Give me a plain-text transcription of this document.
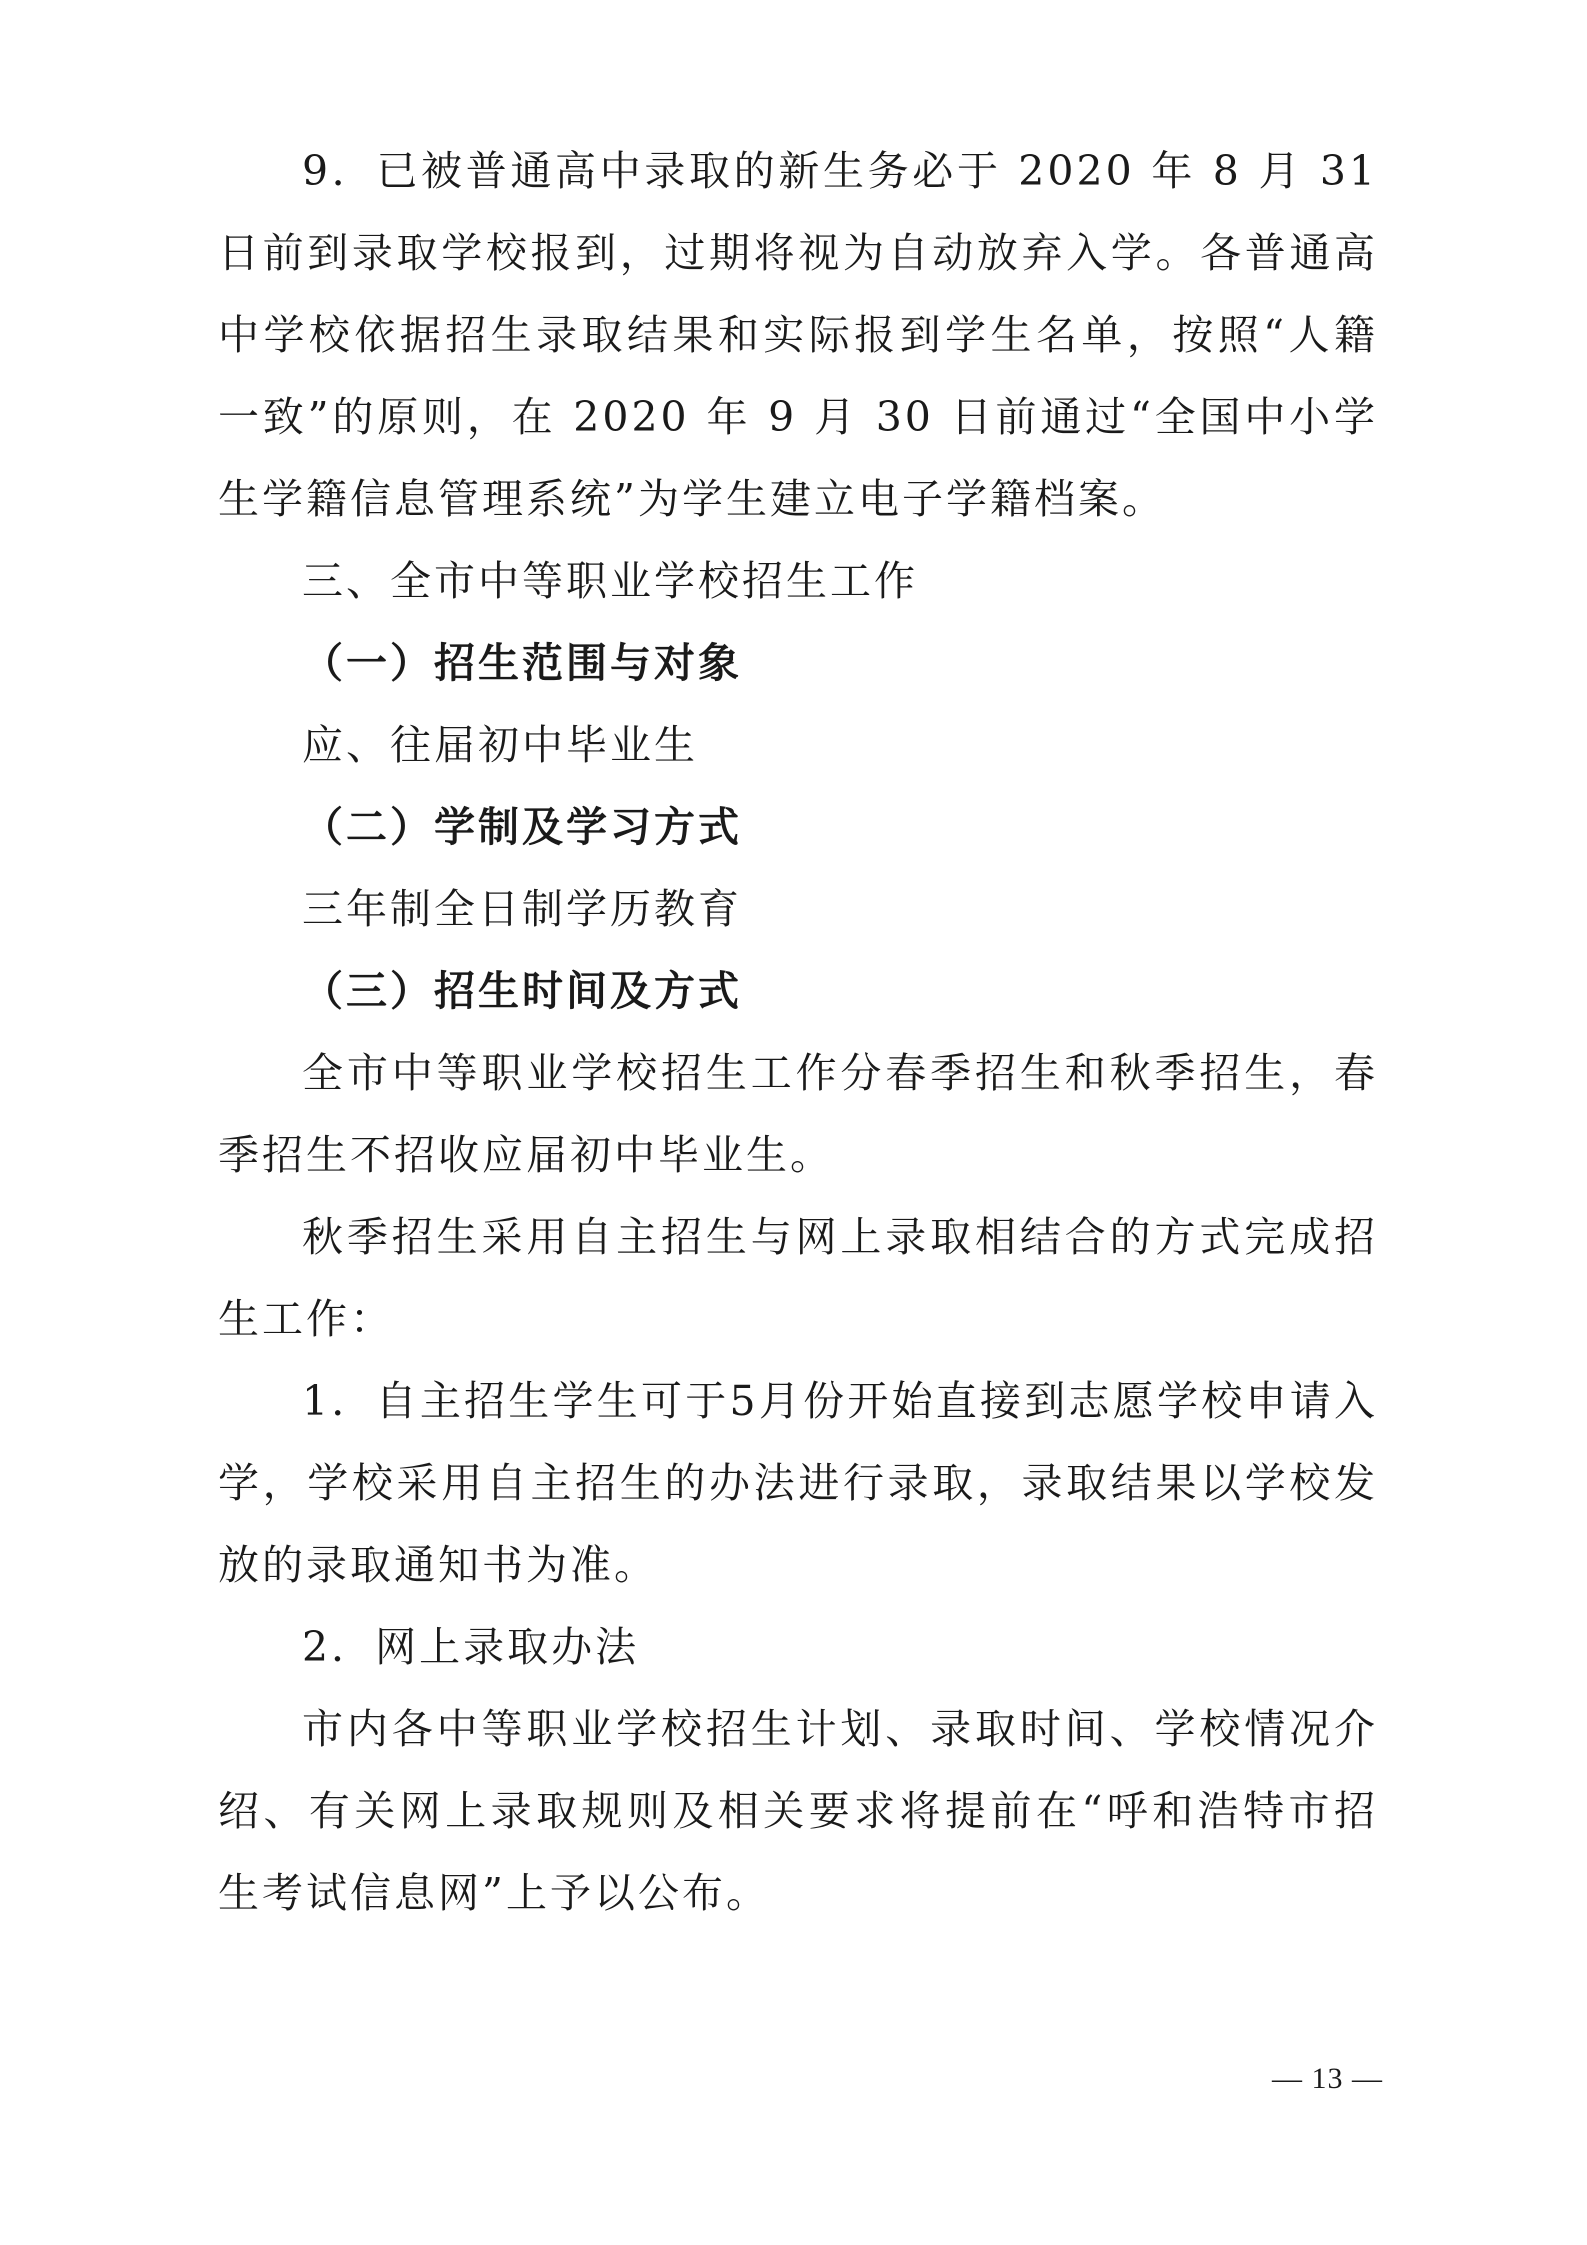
9．已被普通高中录取的新生务必于 2020 年 8 月 31 日前到录取学校报到，过期将视为自动放弃入学。各普通高中学校依据招生录取结果和实际报到学生名单，按照“人籍一致”的原则，在 2020 年 9 月 30 日前通过“全国中小学生学籍信息管理系统”为学生建立电子学籍档案。

三、全市中等职业学校招生工作

（一）招生范围与对象

应、往届初中毕业生

（二）学制及学习方式

三年制全日制学历教育

（三）招生时间及方式

全市中等职业学校招生工作分春季招生和秋季招生，春季招生不招收应届初中毕业生。

秋季招生采用自主招生与网上录取相结合的方式完成招生工作：

1．自主招生学生可于5月份开始直接到志愿学校申请入学，学校采用自主招生的办法进行录取，录取结果以学校发放的录取通知书为准。

2．网上录取办法

市内各中等职业学校招生计划、录取时间、学校情况介绍、有关网上录取规则及相关要求将提前在“呼和浩特市招生考试信息网”上予以公布。

— 13 —
